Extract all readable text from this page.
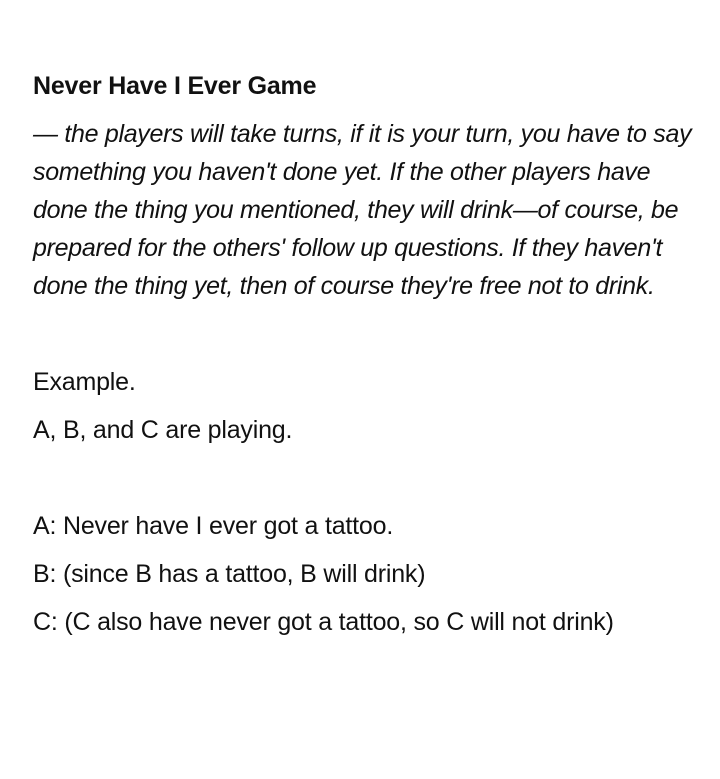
Never Have I Ever Game

— the players will take turns, if it is your turn, you have to say something you haven't done yet. If the other players have done the thing you mentioned, they will drink—of course, be prepared for the others' follow up questions. If they haven't done the thing yet, then of course they're free not to drink.

Example.

A, B, and C are playing.

A: Never have I ever got a tattoo.

B: (since B has a tattoo, B will drink)

C: (C also have never got a tattoo, so C will not drink)
